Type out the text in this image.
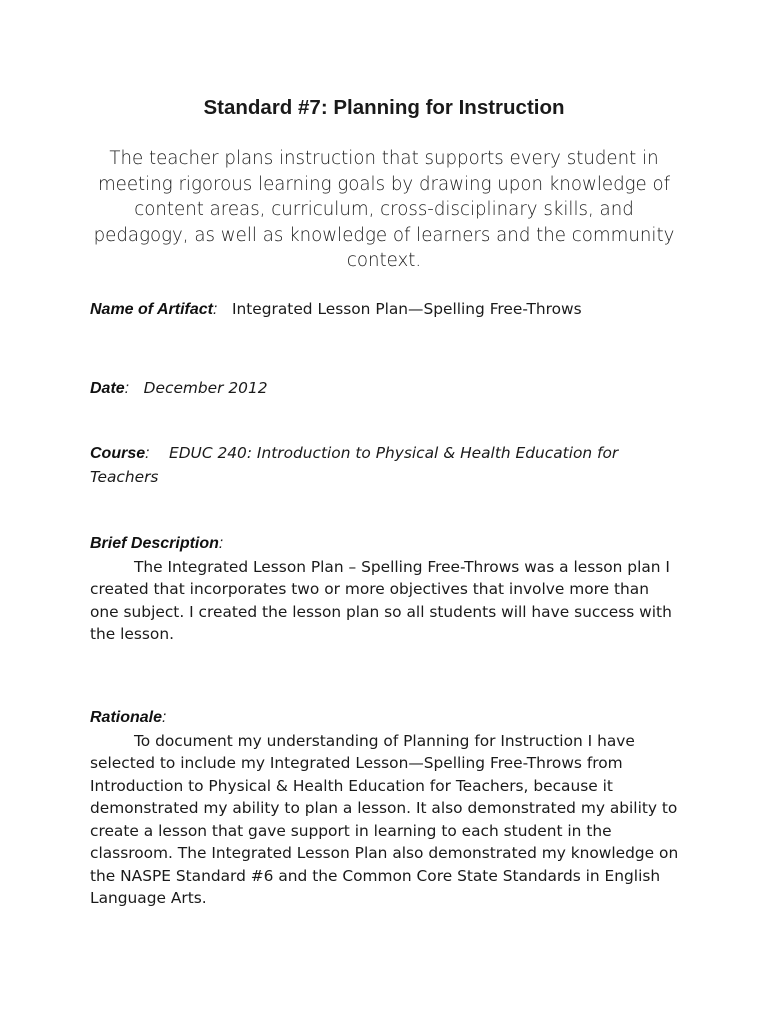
Standard #7: Planning for Instruction

The teacher plans instruction that supports every student in meeting rigorous learning goals by drawing upon knowledge of content areas, curriculum, cross-disciplinary skills, and pedagogy, as well as knowledge of learners and the community context.

Name of Artifact: Integrated Lesson Plan—Spelling Free-Throws

Date: December 2012

Course: EDUC 240: Introduction to Physical & Health Education for Teachers

Brief Description:

The Integrated Lesson Plan – Spelling Free-Throws was a lesson plan I created that incorporates two or more objectives that involve more than one subject. I created the lesson plan so all students will have success with the lesson.

Rationale:

To document my understanding of Planning for Instruction I have selected to include my Integrated Lesson—Spelling Free-Throws from Introduction to Physical & Health Education for Teachers, because it demonstrated my ability to plan a lesson. It also demonstrated my ability to create a lesson that gave support in learning to each student in the classroom. The Integrated Lesson Plan also demonstrated my knowledge on the NASPE Standard #6 and the Common Core State Standards in English Language Arts.
